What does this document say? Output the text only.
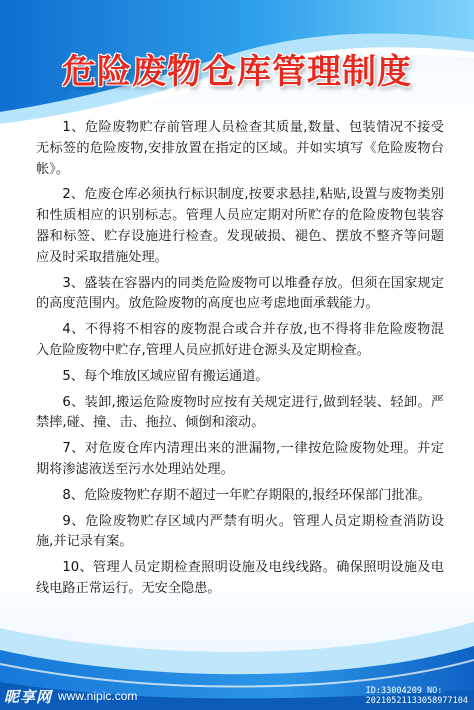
危险废物仓库管理制度

1、危险废物贮存前管理人员检查其质量,数量、包装情况不接受无标签的危险废物,安排放置在指定的区域。并如实填写《危险废物台帐》。

2、危废仓库必须执行标识制度,按要求悬挂,粘贴,设置与废物类别和性质相应的识别标志。管理人员应定期对所贮存的危险废物包装容器和标签、贮存设施进行检查。发现破损、褪色、摆放不整齐等问题应及时采取措施处理。

3、盛装在容器内的同类危险废物可以堆叠存放。但须在国家规定的高度范围内。放危险废物的高度也应考虑地面承载能力。

4、不得将不相容的废物混合或合并存放,也不得将非危险废物混入危险废物中贮存,管理人员应抓好进仓源头及定期检查。

5、每个堆放区域应留有搬运通道。

6、装卸,搬运危险废物时应按有关规定进行,做到轻装、轻卸。严禁摔,碰、撞、击、拖拉、倾倒和滚动。

7、对危废仓库内清理出来的泄漏物,一律按危险废物处理。并定期将渗滤液送至污水处理站处理。

8、危险废物贮存期不超过一年贮存期限的,报经环保部门批准。

9、危险废物贮存区域内严禁有明火。管理人员定期检查消防设施,并记录有案。

10、管理人员定期检查照明设施及电线线路。确保照明设施及电线电路正常运行。无安全隐患。

昵享网 www.nipic.com	ID:33004209 NO:
20210521133058977104
